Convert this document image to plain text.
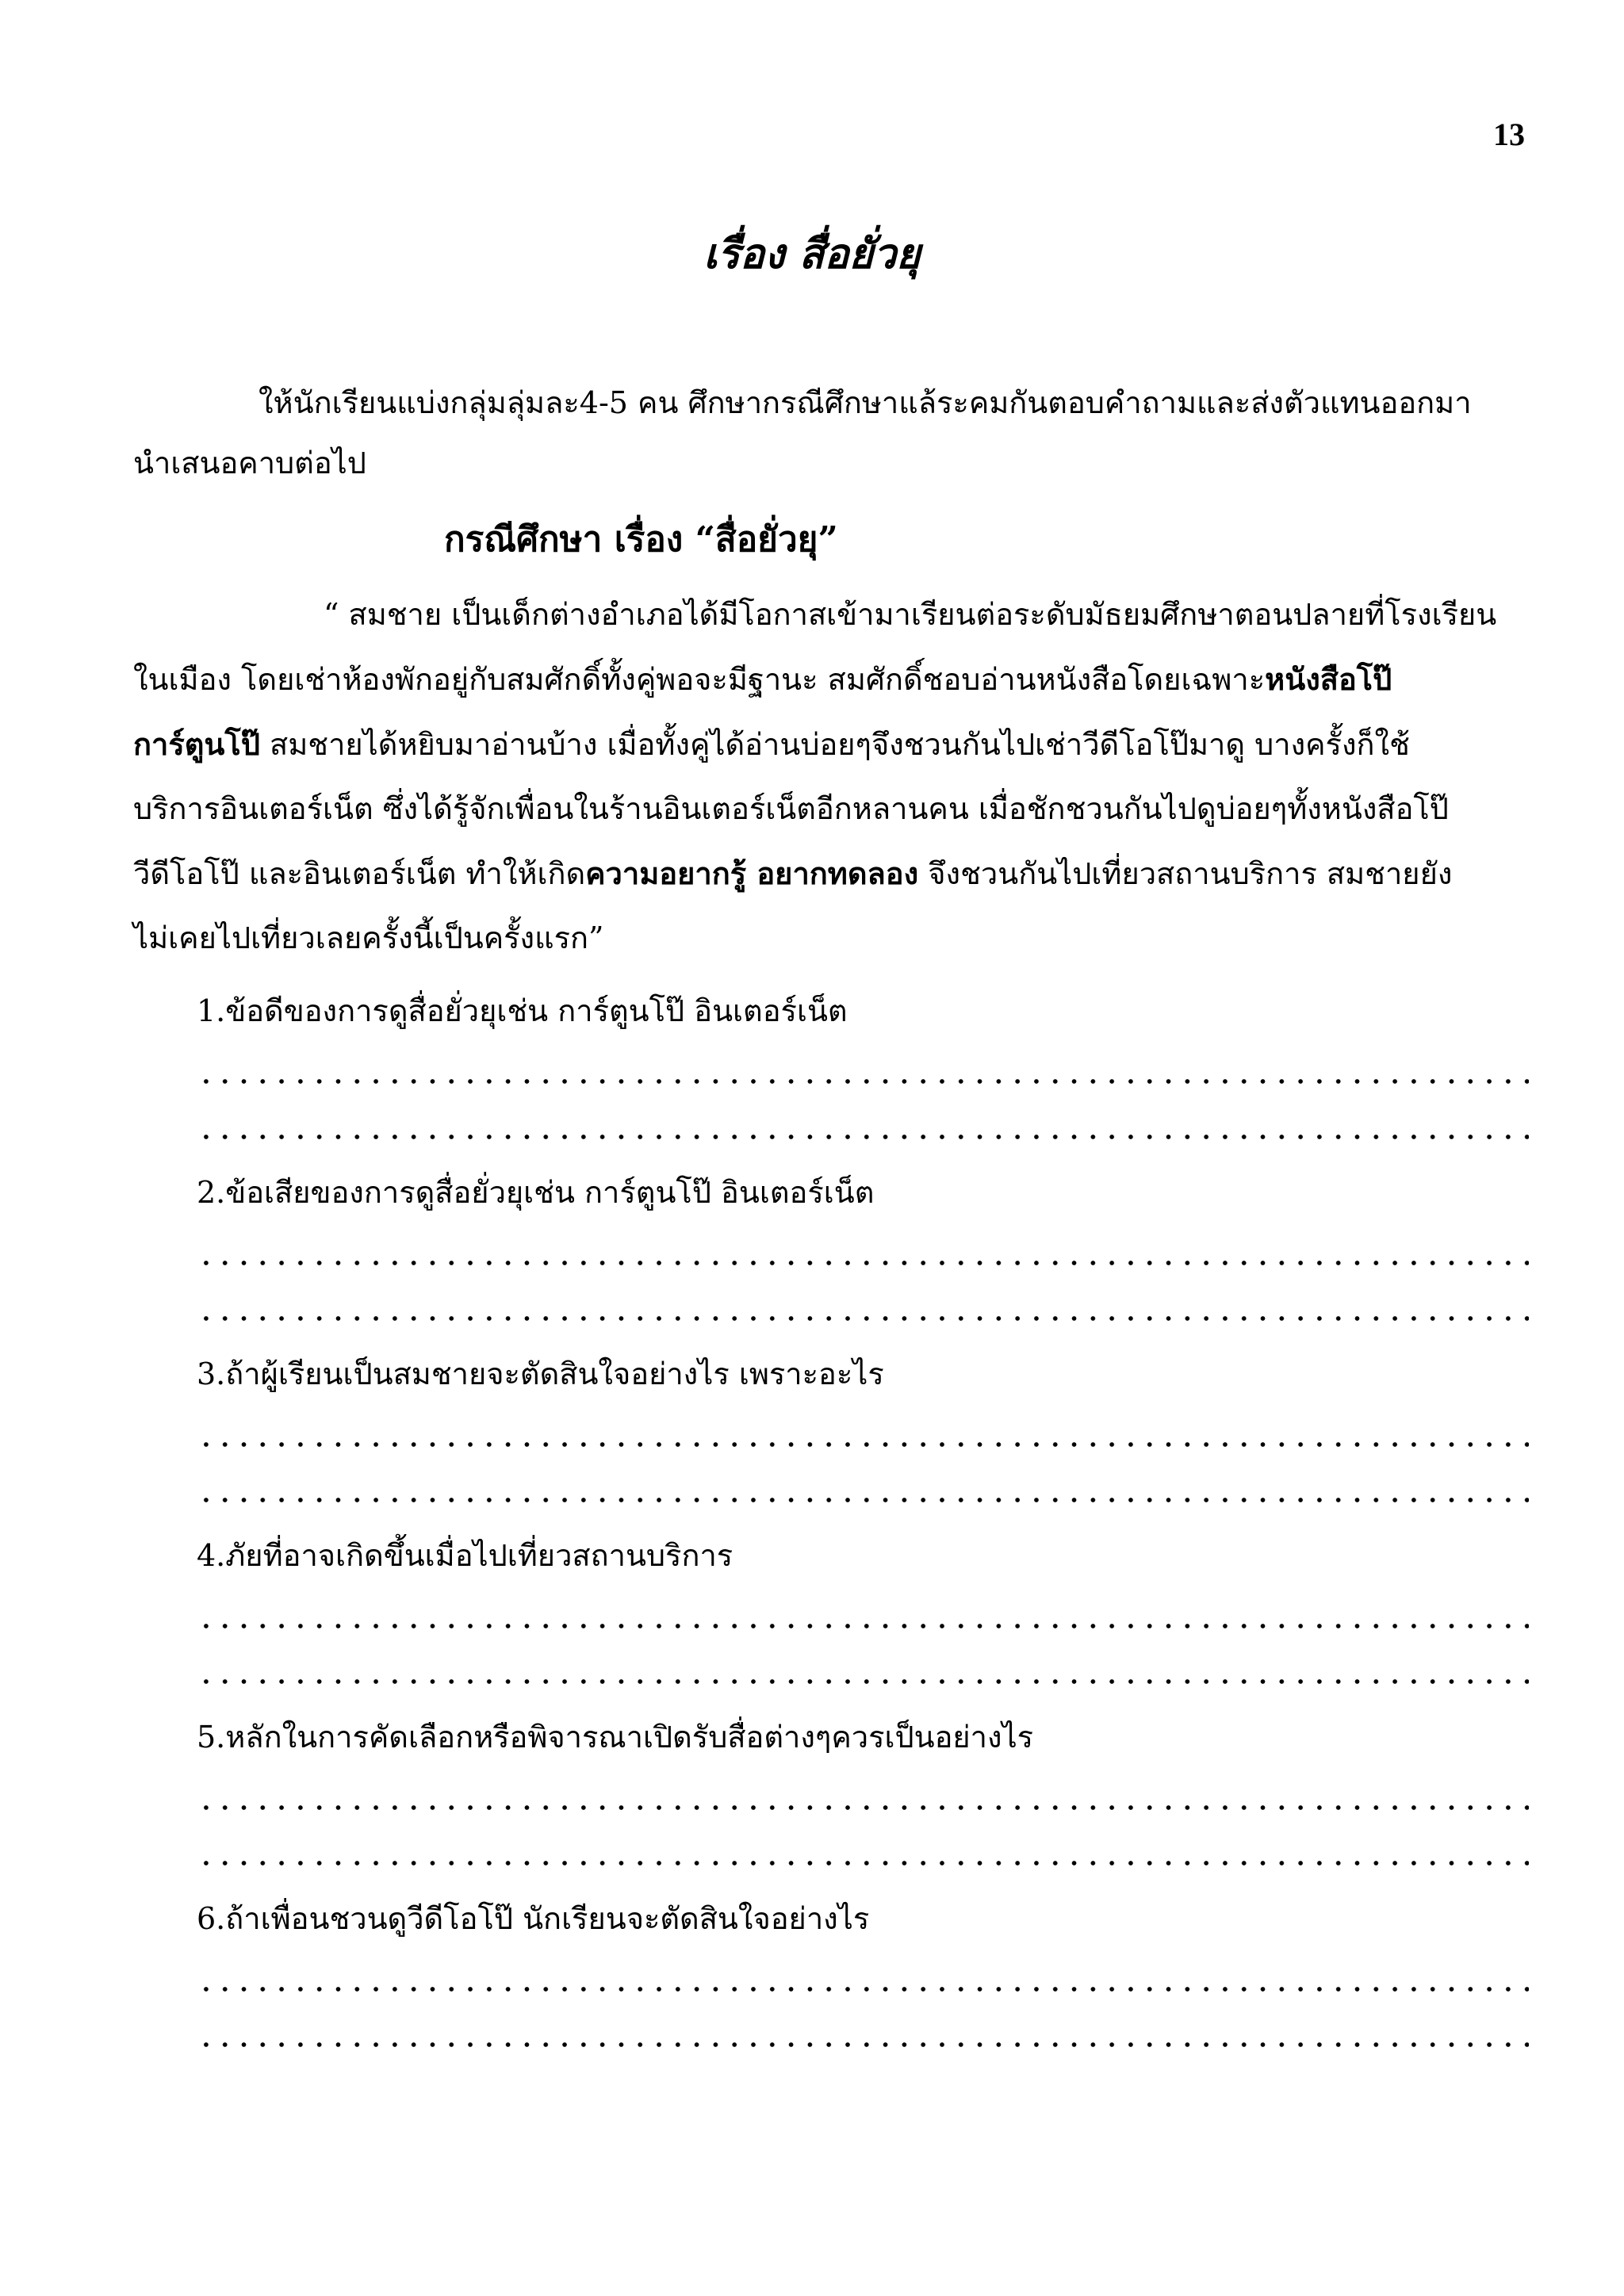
13
เรื่อง สื่อยั่วยุ
ให้นักเรียนแบ่งกลุ่มลุ่มละ4-5 คน ศึกษากรณีศึกษาแล้ระคมกันตอบคำถามและส่งตัวแทนออกมา
นำเสนอคาบต่อไป
กรณีศึกษา เรื่อง “สื่อยั่วยุ”
“ สมชาย เป็นเด็กต่างอำเภอได้มีโอกาสเข้ามาเรียนต่อระดับมัธยมศึกษาตอนปลายที่โรงเรียน
ในเมือง โดยเช่าห้องพักอยู่กับสมศักดิ์ทั้งคู่พอจะมีฐานะ สมศักดิ์ชอบอ่านหนังสือโดยเฉพาะหนังสือโป๊
การ์ตูนโป๊ สมชายได้หยิบมาอ่านบ้าง เมื่อทั้งคู่ได้อ่านบ่อยๆจึงชวนกันไปเช่าวีดีโอโป๊มาดู บางครั้งก็ใช้
บริการอินเตอร์เน็ต ซึ่งได้รู้จักเพื่อนในร้านอินเตอร์เน็ตอีกหลานคน เมื่อชักชวนกันไปดูบ่อยๆทั้งหนังสือโป๊
วีดีโอโป๊ และอินเตอร์เน็ต ทำให้เกิดความอยากรู้ อยากทดลอง จึงชวนกันไปเที่ยวสถานบริการ สมชายยัง
ไม่เคยไปเที่ยวเลยครั้งนี้เป็นครั้งแรก”
1.ข้อดีของการดูสื่อยั่วยุเช่น การ์ตูนโป๊ อินเตอร์เน็ต
2.ข้อเสียของการดูสื่อยั่วยุเช่น การ์ตูนโป๊ อินเตอร์เน็ต
3.ถ้าผู้เรียนเป็นสมชายจะตัดสินใจอย่างไร เพราะอะไร
4.ภัยที่อาจเกิดขึ้นเมื่อไปเที่ยวสถานบริการ
5.หลักในการคัดเลือกหรือพิจารณาเปิดรับสื่อต่างๆควรเป็นอย่างไร
6.ถ้าเพื่อนชวนดูวีดีโอโป๊ นักเรียนจะตัดสินใจอย่างไร
